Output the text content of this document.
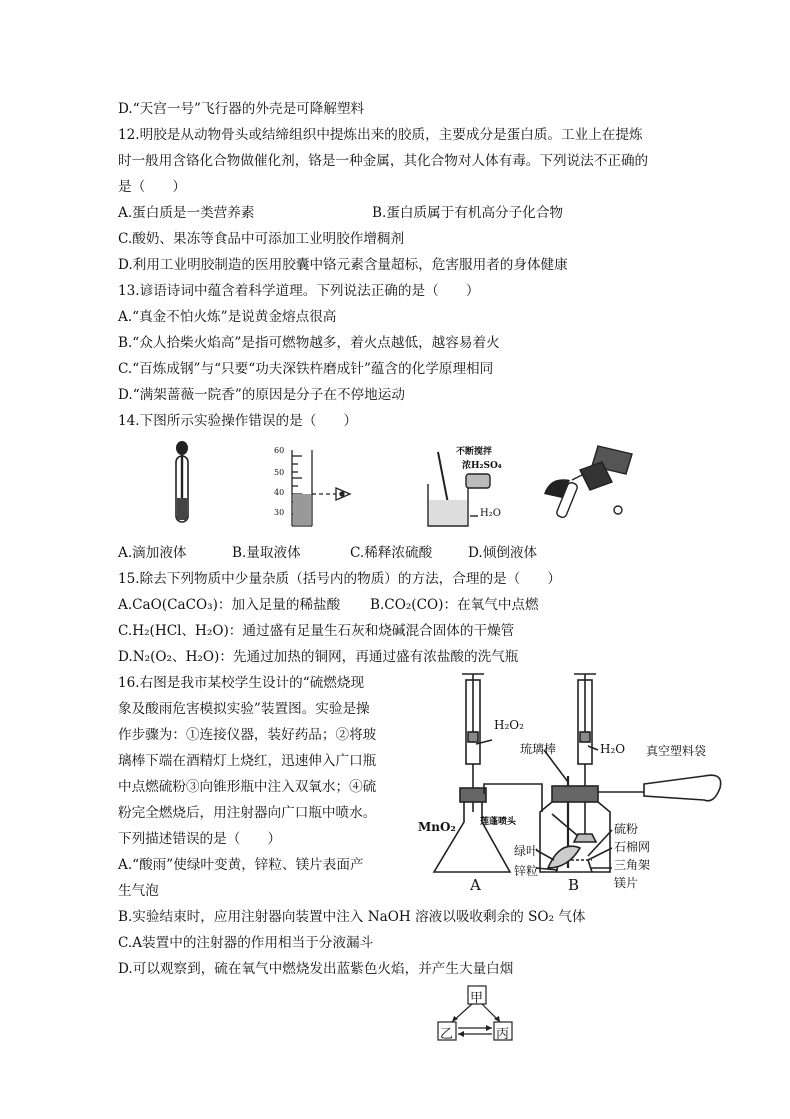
D.“天宫一号”飞行器的外壳是可降解塑料
12.明胶是从动物骨头或结缔组织中提炼出来的胶质，主要成分是蛋白质。工业上在提炼
时一般用含铬化合物做催化剂，铬是一种金属，其化合物对人体有毒。下列说法不正确的
是（　　）
A.蛋白质是一类营养素	B.蛋白质属于有机高分子化合物
C.酸奶、果冻等食品中可添加工业明胶作增稠剂
D.利用工业明胶制造的医用胶囊中铬元素含量超标，危害服用者的身体健康
13.谚语诗词中蕴含着科学道理。下列说法正确的是（　　）
A.“真金不怕火炼”是说黄金熔点很高
B.“众人拾柴火焰高”是指可燃物越多，着火点越低，越容易着火
C.“百炼成钢”与“只要“功夫深铁杵磨成针”蕴含的化学原理相同
D.“满架蔷薇一院香”的原因是分子在不停地运动
14.下图所示实验操作错误的是（　　）
60
50
40
30
不断搅拌
浓H₂SO₄
H₂O
A.滴加液体	B.量取液体	C.稀释浓硫酸	D.倾倒液体
15.除去下列物质中少量杂质（括号内的物质）的方法，合理的是（　　）
A.CaO(CaCO₃)：加入足量的稀盐酸 B.CO₂(CO)：在氧气中点燃
C.H₂(HCl、H₂O)：通过盛有足量生石灰和烧碱混合固体的干燥管
D.N₂(O₂、H₂O)：先通过加热的铜网，再通过盛有浓盐酸的洗气瓶
16.右图是我市某校学生设计的“硫燃烧现
象及酸雨危害模拟实验”装置图。实验是操
作步骤为：①连接仪器，装好药品；②将玻
璃棒下端在酒精灯上烧红，迅速伸入广口瓶
中点燃硫粉③向锥形瓶中注入双氧水；④硫
粉完全燃烧后，用注射器向广口瓶中喷水。
下列描述错误的是（　　）
A.“酸雨”使绿叶变黄，锌粒、镁片表面产
生气泡
B.实验结束时，应用注射器向装置中注入 NaOH 溶液以吸收剩余的 SO₂ 气体
C.A装置中的注射器的作用相当于分液漏斗
D.可以观察到，硫在氧气中燃烧发出蓝紫色火焰，并产生大量白烟
H₂O₂
琉璃棒	H₂O 真空塑料袋
莲蓬喷头
MnO₂	硫粉
石棉网
三角架
绿叶
锌粒
镁片
A	B
甲
乙	丙
